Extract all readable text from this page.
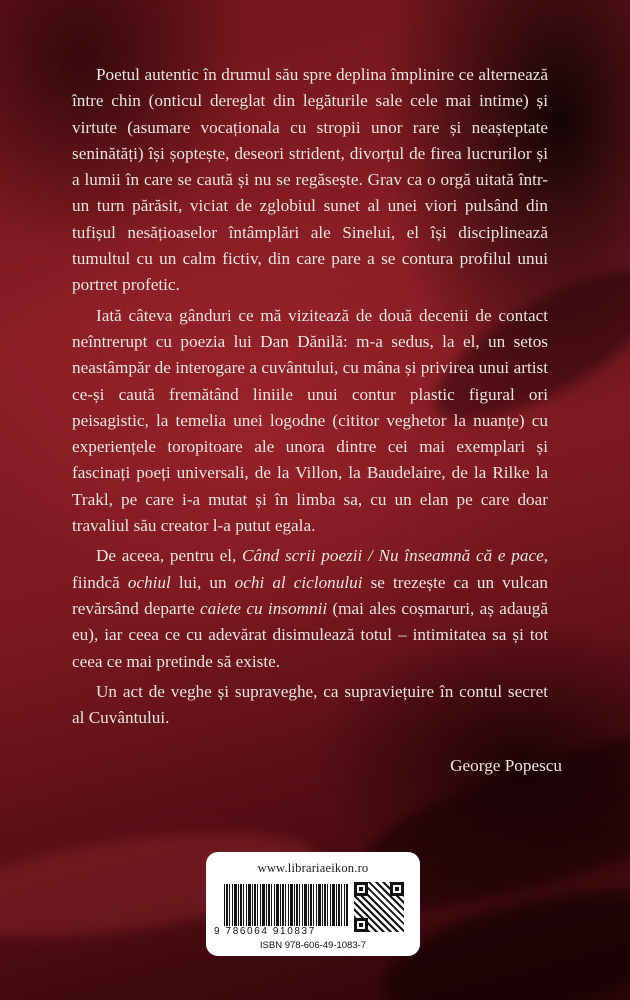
Poetul autentic în drumul său spre deplina împlinire ce alternează între chin (onticul dereglat din legăturile sale cele mai intime) și virtute (asumare vocaționala cu stropii unor rare și neașteptate seninătăți) își șoptește, deseori strident, divorțul de firea lucrurilor și a lumii în care se caută și nu se regăsește. Grav ca o orgă uitată într-un turn părăsit, viciat de zglobiul sunet al unei viori pulsând din tufișul nesățioaselor întâmplări ale Sinelui, el își disciplinează tumultul cu un calm fictiv, din care pare a se contura profilul unui portret profetic.

Iată câteva gânduri ce mă vizitează de două decenii de contact neîntrerupt cu poezia lui Dan Dănilă: m-a sedus, la el, un setos neastâmpăr de interogare a cuvântului, cu mâna și privirea unui artist ce-și caută fremătând liniile unui contur plastic figural ori peisagistic, la temelia unei logodne (cititor veghetor la nuanțe) cu experiențele toropitoare ale unora dintre cei mai exemplari și fascinați poeți universali, de la Villon, la Baudelaire, de la Rilke la Trakl, pe care i-a mutat și în limba sa, cu un elan pe care doar travaliul său creator l-a putut egala.

De aceea, pentru el, Când scrii poezii / Nu înseamnă că e pace, fiindcă ochiul lui, un ochi al ciclonului se trezește ca un vulcan revărsând departe caiete cu insomnii (mai ales coșmaruri, aș adaugă eu), iar ceea ce cu adevărat disimulează totul – intimitatea sa și tot ceea ce mai pretinde să existe.

Un act de veghe și supraveghe, ca supraviețuire în contul secret al Cuvântului.

George Popescu
www.librariaeikon.ro
9 786064 910837
ISBN 978-606-49-1083-7
